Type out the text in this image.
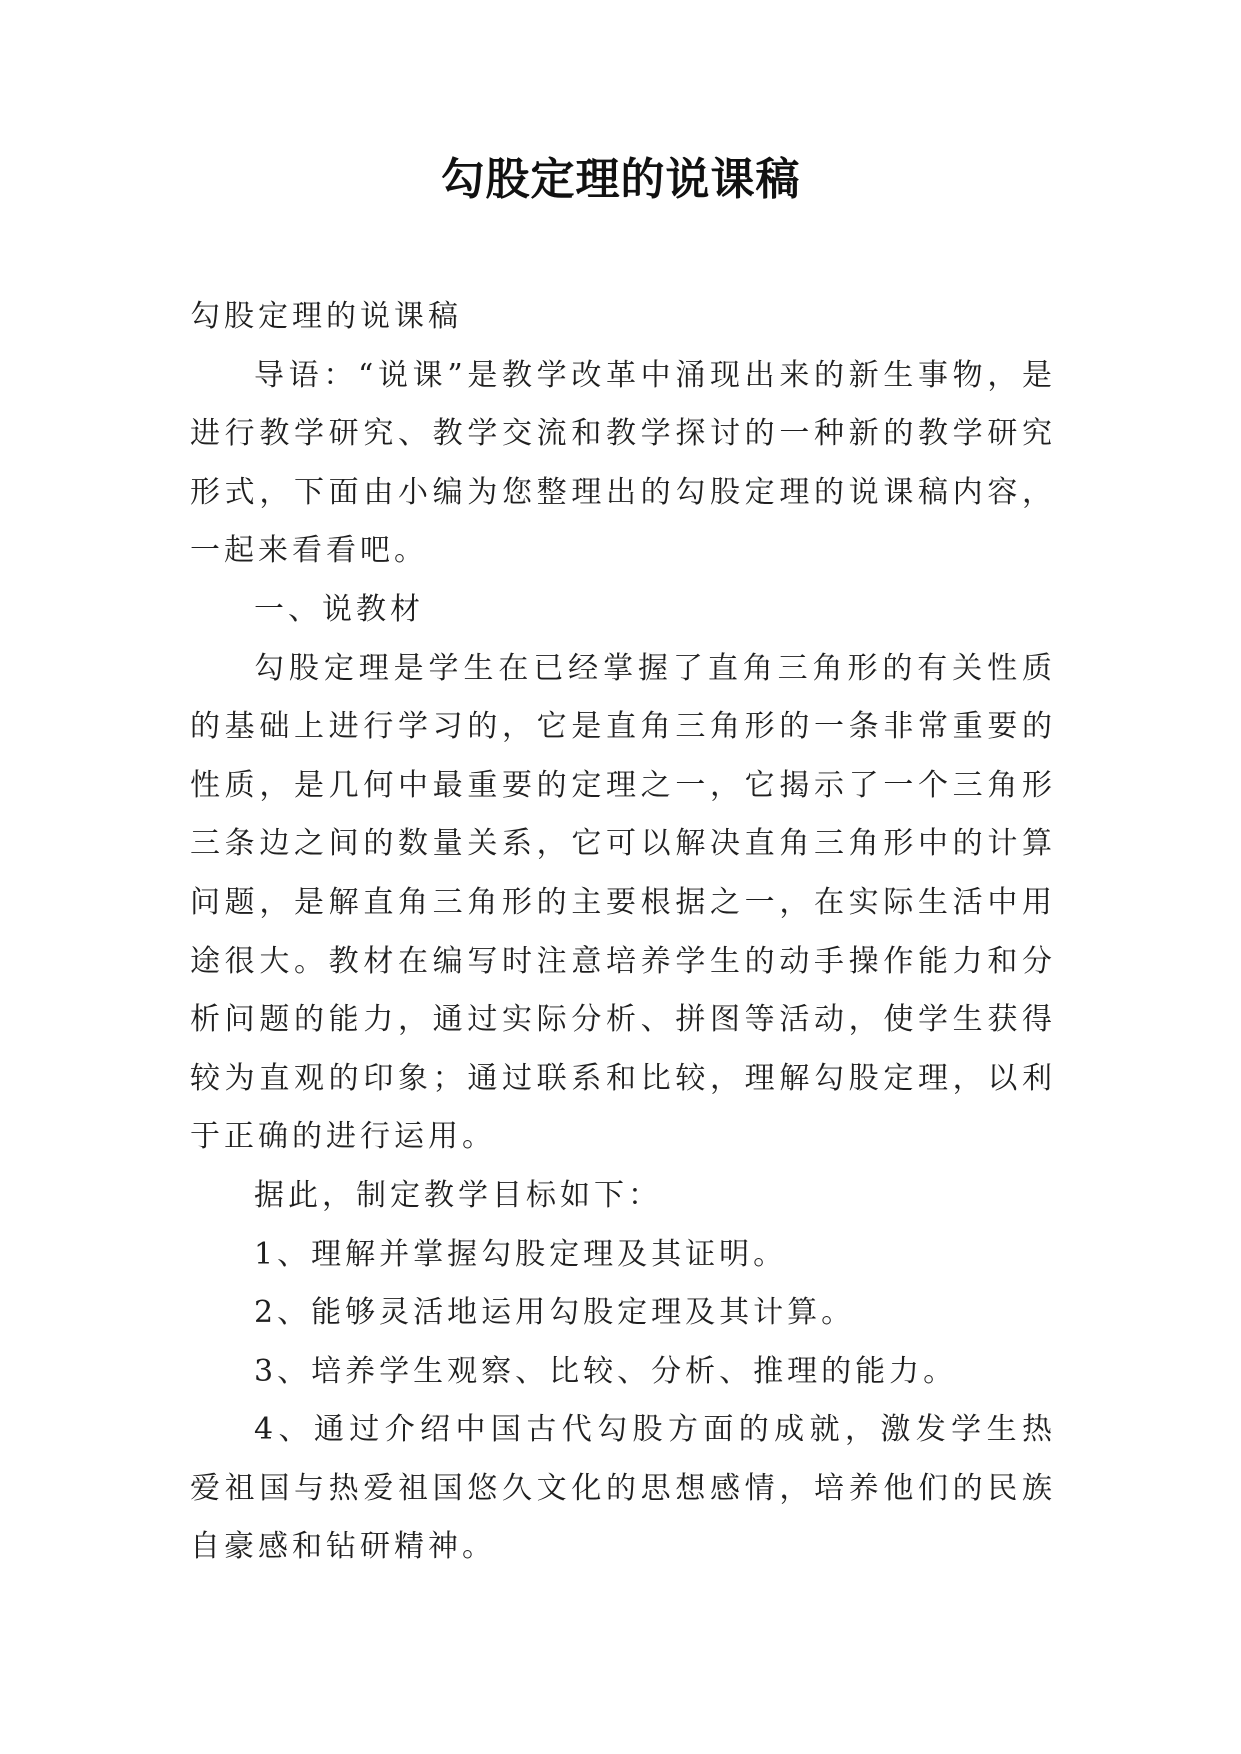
勾股定理的说课稿

勾股定理的说课稿

导语：“说课”是教学改革中涌现出来的新生事物，是进行教学研究、教学交流和教学探讨的一种新的教学研究形式，下面由小编为您整理出的勾股定理的说课稿内容，一起来看看吧。

一、说教材

勾股定理是学生在已经掌握了直角三角形的有关性质的基础上进行学习的，它是直角三角形的一条非常重要的性质，是几何中最重要的定理之一，它揭示了一个三角形三条边之间的数量关系，它可以解决直角三角形中的计算问题，是解直角三角形的主要根据之一，在实际生活中用途很大。教材在编写时注意培养学生的动手操作能力和分析问题的能力，通过实际分析、拼图等活动，使学生获得较为直观的印象；通过联系和比较，理解勾股定理，以利于正确的进行运用。

据此，制定教学目标如下：

1、理解并掌握勾股定理及其证明。

2、能够灵活地运用勾股定理及其计算。

3、培养学生观察、比较、分析、推理的能力。

4、通过介绍中国古代勾股方面的成就，激发学生热爱祖国与热爱祖国悠久文化的思想感情，培养他们的民族自豪感和钻研精神。
